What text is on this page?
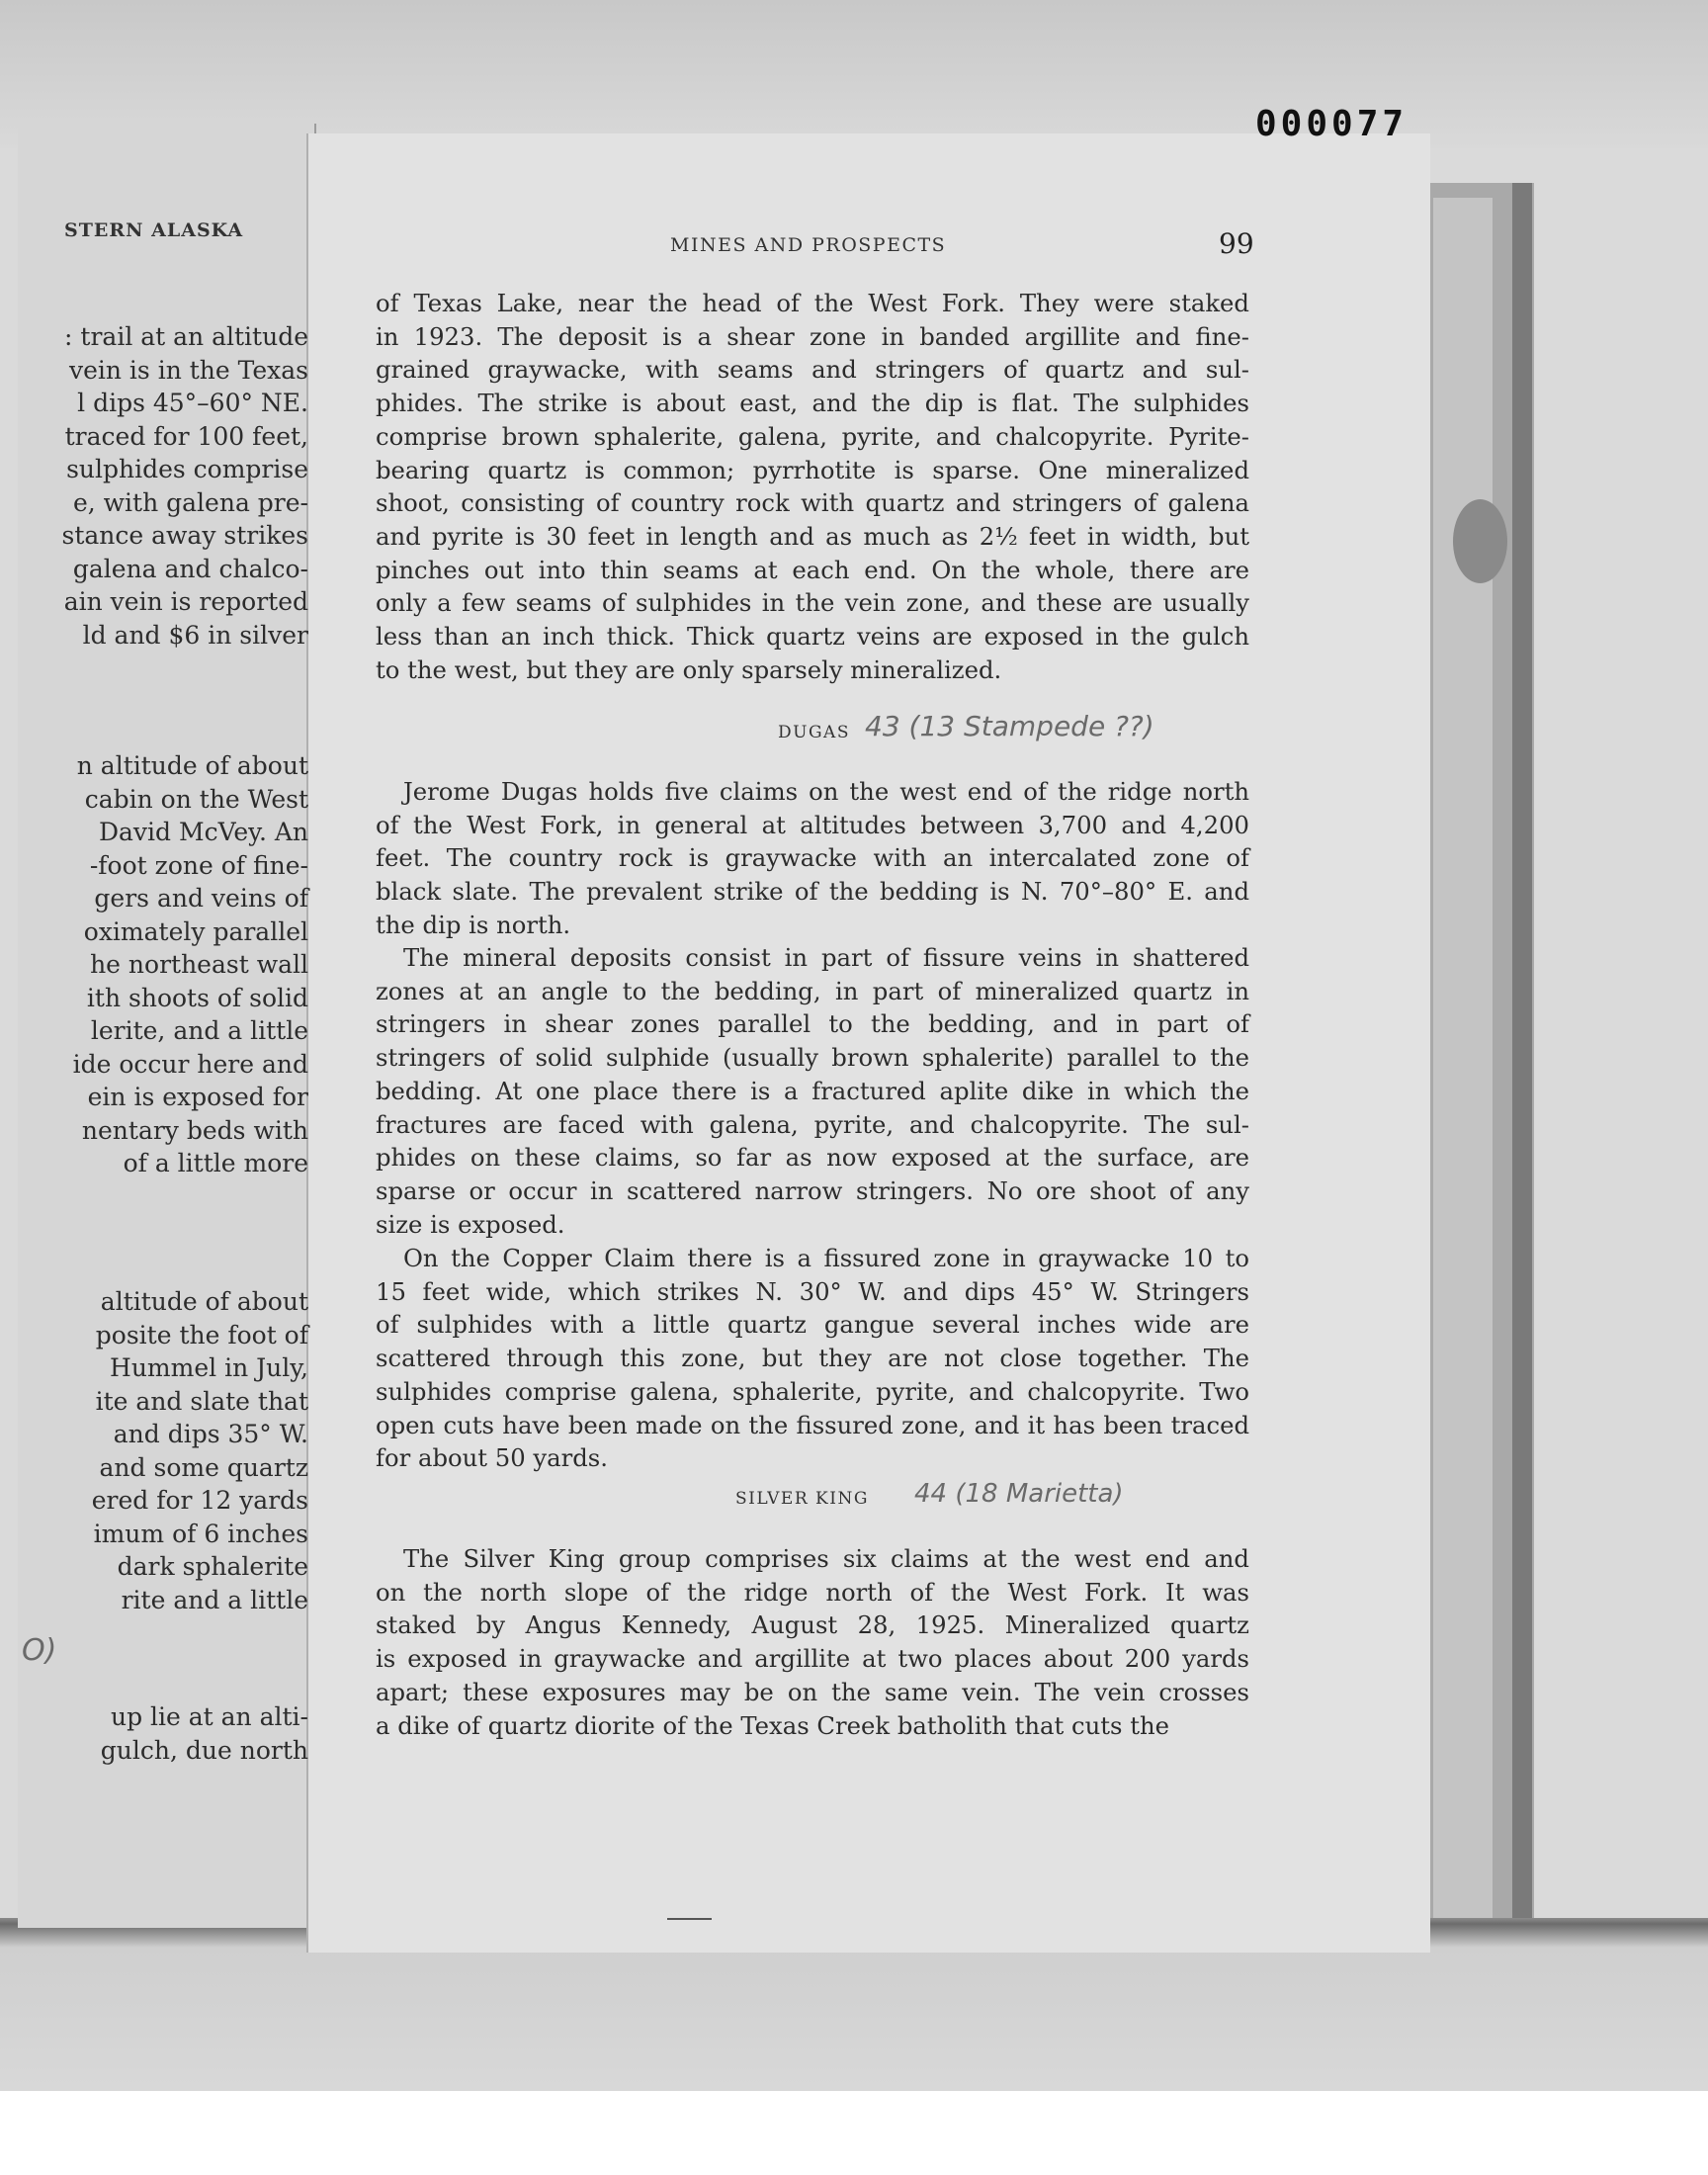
000077
STERN ALASKA
: trail at an altitude
vein is in the Texas
l dips 45°–60° NE.
traced for 100 feet,
sulphides comprise
e, with galena pre-
stance away strikes
galena and chalco-
ain vein is reported
ld and $6 in silver
n altitude of about
cabin on the West
David McVey. An
-foot zone of fine-
gers and veins of
oximately parallel
he northeast wall
ith shoots of solid
lerite, and a little
ide occur here and
ein is exposed for
nentary beds with
of a little more
altitude of about
posite the foot of
Hummel in July,
ite and slate that
and dips 35° W.
and some quartz
ered for 12 yards
imum of 6 inches
dark sphalerite
rite and a little
up lie at an alti-
gulch, due north
O)
MINES AND PROSPECTS	99
of Texas Lake, near the head of the West Fork. They were staked
in 1923. The deposit is a shear zone in banded argillite and fine-
grained graywacke, with seams and stringers of quartz and sul-
phides. The strike is about east, and the dip is flat. The sulphides
comprise brown sphalerite, galena, pyrite, and chalcopyrite. Pyrite-
bearing quartz is common; pyrrhotite is sparse. One mineralized
shoot, consisting of country rock with quartz and stringers of galena
and pyrite is 30 feet in length and as much as 2½ feet in width, but
pinches out into thin seams at each end. On the whole, there are
only a few seams of sulphides in the vein zone, and these are usually
less than an inch thick. Thick quartz veins are exposed in the gulch
to the west, but they are only sparsely mineralized.
DUGAS 43 (13 Stampede ??)
Jerome Dugas holds five claims on the west end of the ridge north
of the West Fork, in general at altitudes between 3,700 and 4,200
feet. The country rock is graywacke with an intercalated zone of
black slate. The prevalent strike of the bedding is N. 70°–80° E. and
the dip is north.
The mineral deposits consist in part of fissure veins in shattered
zones at an angle to the bedding, in part of mineralized quartz in
stringers in shear zones parallel to the bedding, and in part of
stringers of solid sulphide (usually brown sphalerite) parallel to the
bedding. At one place there is a fractured aplite dike in which the
fractures are faced with galena, pyrite, and chalcopyrite. The sul-
phides on these claims, so far as now exposed at the surface, are
sparse or occur in scattered narrow stringers. No ore shoot of any
size is exposed.
On the Copper Claim there is a fissured zone in graywacke 10 to
15 feet wide, which strikes N. 30° W. and dips 45° W. Stringers
of sulphides with a little quartz gangue several inches wide are
scattered through this zone, but they are not close together. The
sulphides comprise galena, sphalerite, pyrite, and chalcopyrite. Two
open cuts have been made on the fissured zone, and it has been traced
for about 50 yards.
SILVER KING 44 (18 Marietta)
The Silver King group comprises six claims at the west end and
on the north slope of the ridge north of the West Fork. It was
staked by Angus Kennedy, August 28, 1925. Mineralized quartz
is exposed in graywacke and argillite at two places about 200 yards
apart; these exposures may be on the same vein. The vein crosses
a dike of quartz diorite of the Texas Creek batholith that cuts the
